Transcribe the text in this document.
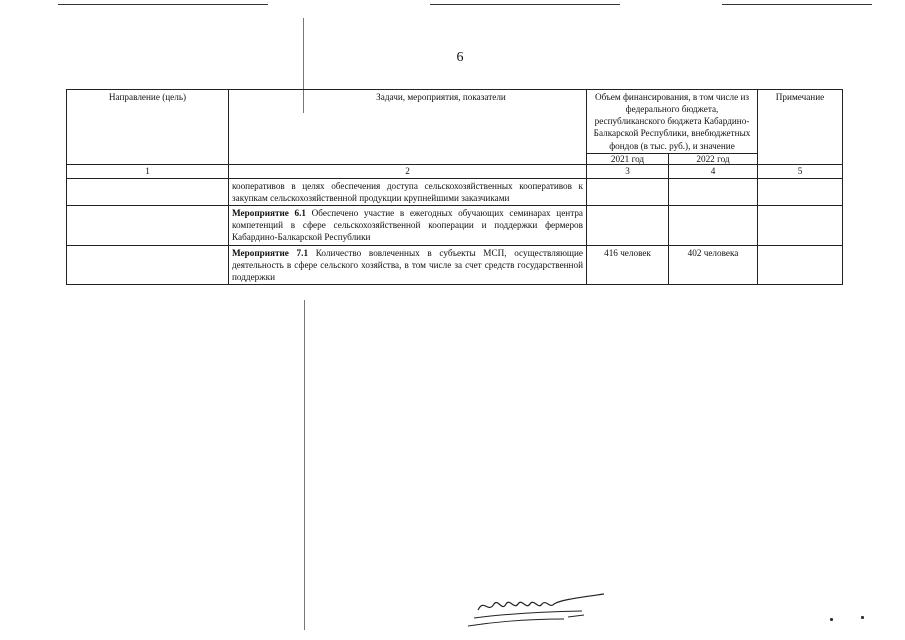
6
Направление (цель)	Задачи, мероприятия, показатели	Объем финансирования, в том числе из федерального бюджета, республиканского бюджета Кабардино-Балкарской Республики, внебюджетных фондов (в тыс. руб.), и значение		Примечание
		2021 год	2022 год	
1	2	3	4	5
	кооперативов в целях обеспечения доступа сельскохозяйственных кооперативов к закупкам сельскохозяйственной продукции крупнейшими заказчиками			
	Мероприятие 6.1 Обеспечено участие в ежегодных обучающих семинарах центра компетенций в сфере сельскохозяйственной кооперации и поддержки фермеров Кабардино-Балкарской Республики			
	Мероприятие 7.1 Количество вовлеченных в субъекты МСП, осуществляющие деятельность в сфере сельского хозяйства, в том числе за счет средств государственной поддержки	416 человек	402 человека	
